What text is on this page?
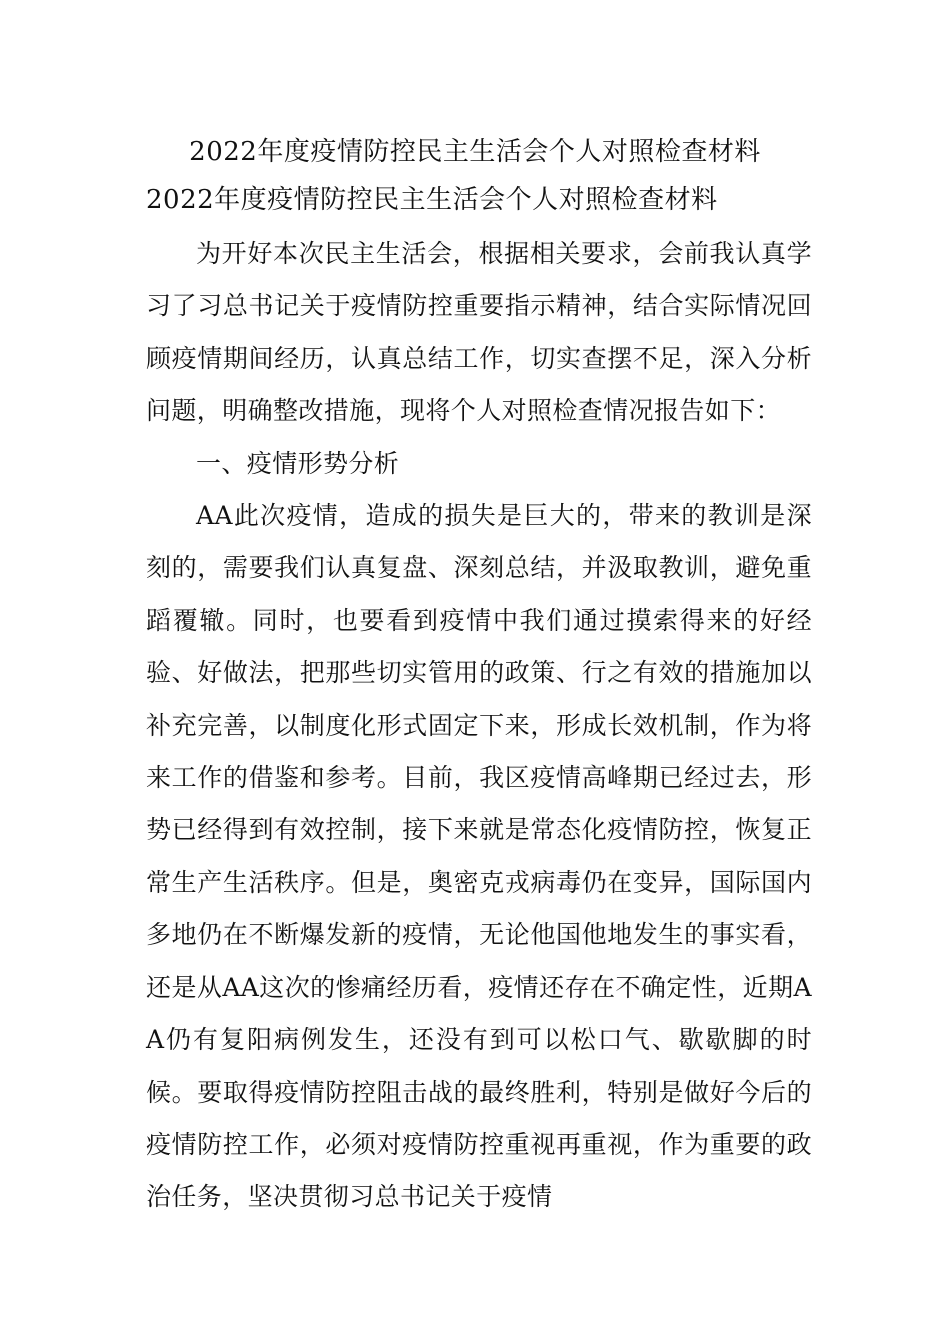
2022年度疫情防控民主生活会个人对照检查材料
2022年度疫情防控民主生活会个人对照检查材料

为开好本次民主生活会，根据相关要求，会前我认真学习了习总书记关于疫情防控重要指示精神，结合实际情况回顾疫情期间经历，认真总结工作，切实查摆不足，深入分析问题，明确整改措施，现将个人对照检查情况报告如下：

一、疫情形势分析

AA此次疫情，造成的损失是巨大的，带来的教训是深刻的，需要我们认真复盘、深刻总结，并汲取教训，避免重蹈覆辙。同时，也要看到疫情中我们通过摸索得来的好经验、好做法，把那些切实管用的政策、行之有效的措施加以补充完善，以制度化形式固定下来，形成长效机制，作为将来工作的借鉴和参考。目前，我区疫情高峰期已经过去，形势已经得到有效控制，接下来就是常态化疫情防控，恢复正常生产生活秩序。但是，奥密克戎病毒仍在变异，国际国内多地仍在不断爆发新的疫情，无论他国他地发生的事实看，还是从AA这次的惨痛经历看，疫情还存在不确定性，近期AA仍有复阳病例发生，还没有到可以松口气、歇歇脚的时候。要取得疫情防控阻击战的最终胜利，特别是做好今后的疫情防控工作，必须对疫情防控重视再重视，作为重要的政治任务，坚决贯彻习总书记关于疫情
